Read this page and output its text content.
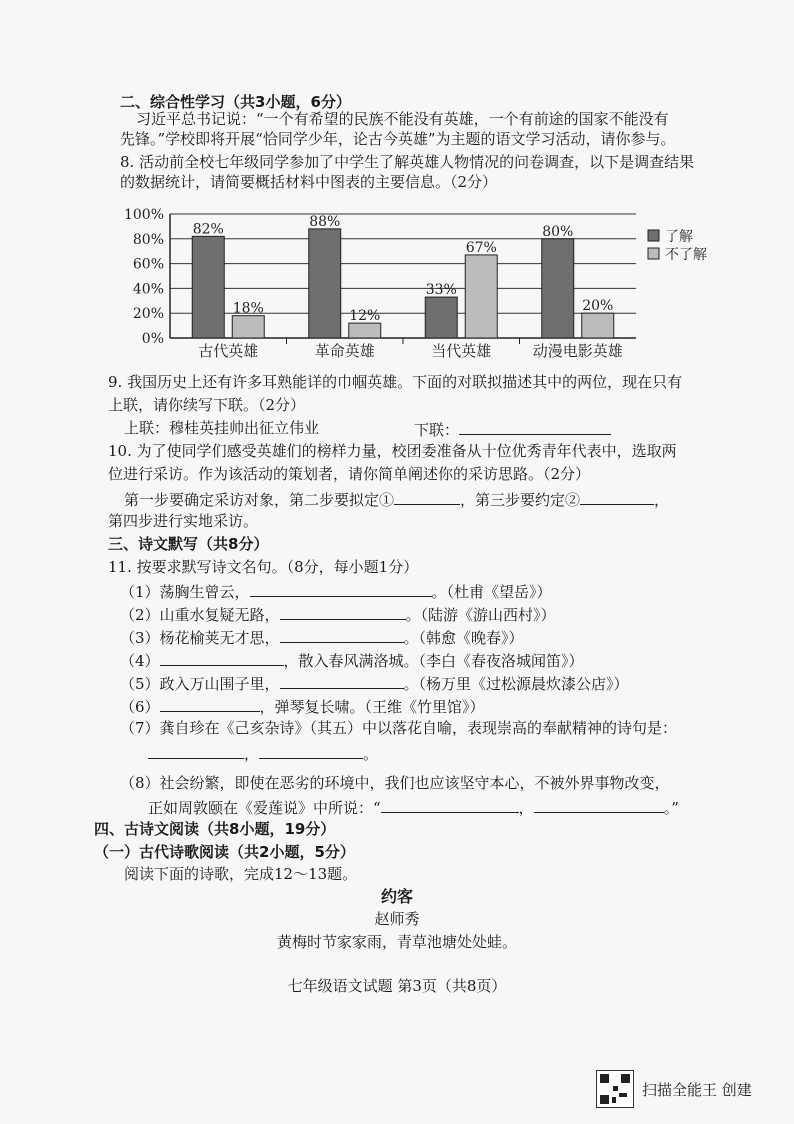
二、综合性学习（共3小题，6分）
习近平总书记说：“一个有希望的民族不能没有英雄，一个有前途的国家不能没有
先锋。”学校即将开展“恰同学少年，论古今英雄”为主题的语文学习活动，请你参与。
8. 活动前全校七年级同学参加了中学生了解英雄人物情况的问卷调查，以下是调查结果
的数据统计，请简要概括材料中图表的主要信息。（2分）
0%
20%
40%
60%
80%
100%
82%
18%
古代英雄
88%
12%
革命英雄
33%
67%
当代英雄
80%
20%
动漫电影英雄
了解
不了解
9. 我国历史上还有许多耳熟能详的巾帼英雄。下面的对联拟描述其中的两位，现在只有
上联，请你续写下联。（2分）
上联：穆桂英挂帅出征立伟业	下联：
10. 为了使同学们感受英雄们的榜样力量，校团委准备从十位优秀青年代表中，选取两
位进行采访。作为该活动的策划者，请你简单阐述你的采访思路。（2分）
第一步要确定采访对象，第二步要拟定①	，第三步要约定②	，
第四步进行实地采访。
三、诗文默写（共8分）
11. 按要求默写诗文名句。（8分，每小题1分）
（1）荡胸生曾云，	。（杜甫《望岳》）
（2）山重水复疑无路，	。（陆游《游山西村》）
（3）杨花榆荚无才思，	。（韩愈《晚春》）
（4）	，散入春风满洛城。（李白《春夜洛城闻笛》）
（5）政入万山围子里，	。（杨万里《过松源晨炊漆公店》）
（6）	，弹琴复长啸。（王维《竹里馆》）
（7）龚自珍在《己亥杂诗》（其五）中以落花自喻，表现崇高的奉献精神的诗句是：
，	。
（8）社会纷繁，即使在恶劣的环境中，我们也应该坚守本心，不被外界事物改变，
正如周敦颐在《爱莲说》中所说：“	，	。”
四、古诗文阅读（共8小题，19分）
（一）古代诗歌阅读（共2小题，5分）
阅读下面的诗歌，完成12～13题。
约客
赵师秀
黄梅时节家家雨，青草池塘处处蛙。
七年级语文试题 第3页（共8页）
扫描全能王 创建
